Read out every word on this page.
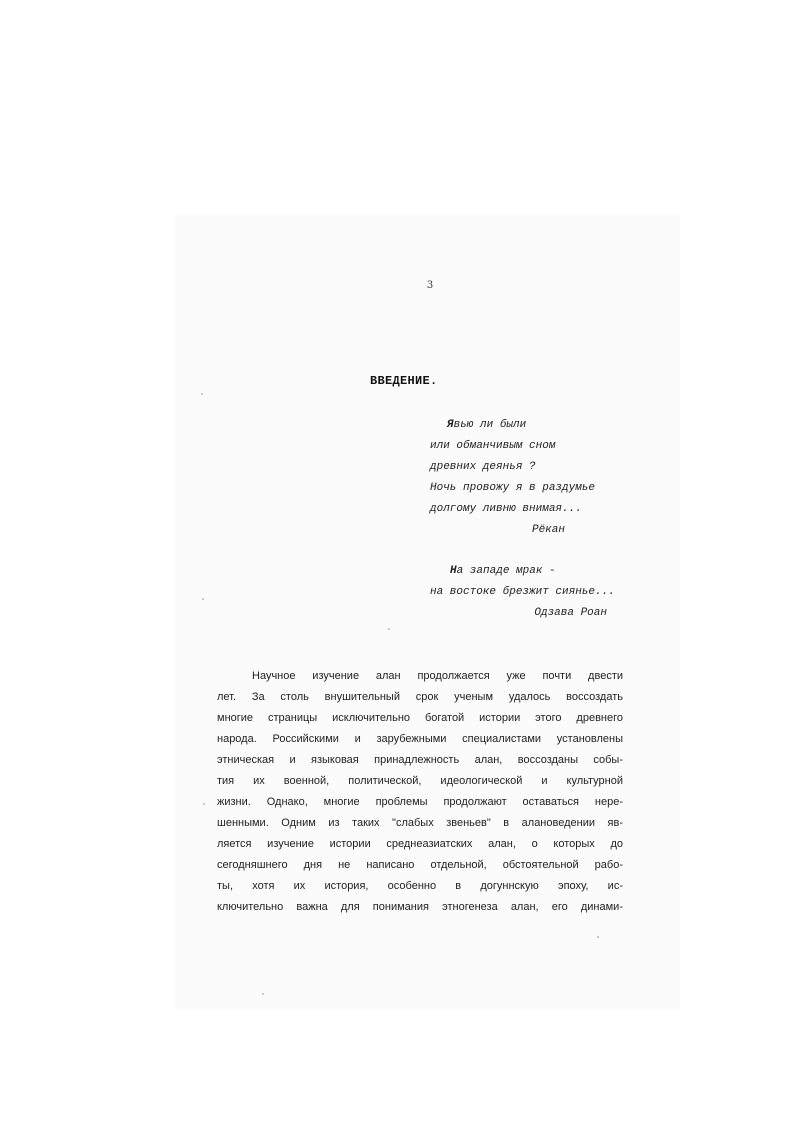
3
ВВЕДЕНИЕ.
Явью ли были
или обманчивым сном
древних деянья ?
Ночь провожу я в раздумье
долгому ливню внимая...
Рёкан
На западе мрак -
на востоке брезжит сиянье...
Одзава Роан
Научное изучение алан продолжается уже почти двести
лет. За столь внушительный срок ученым удалось воссоздать
многие страницы исключительно богатой истории этого древнего
народа. Российскими и зарубежными специалистами установлены
этническая и языковая принадлежность алан, воссозданы собы-
тия их военной, политической, идеологической и культурной
жизни. Однако, многие проблемы продолжают оставаться нере-
шенными. Одним из таких "слабых звеньев" в алановедении яв-
ляется изучение истории среднеазиатских алан, о которых до
сегодняшнего дня не написано отдельной, обстоятельной рабо-
ты, хотя их история, особенно в догуннскую эпоху, ис-
ключительно важна для понимания этногенеза алан, его динами-
